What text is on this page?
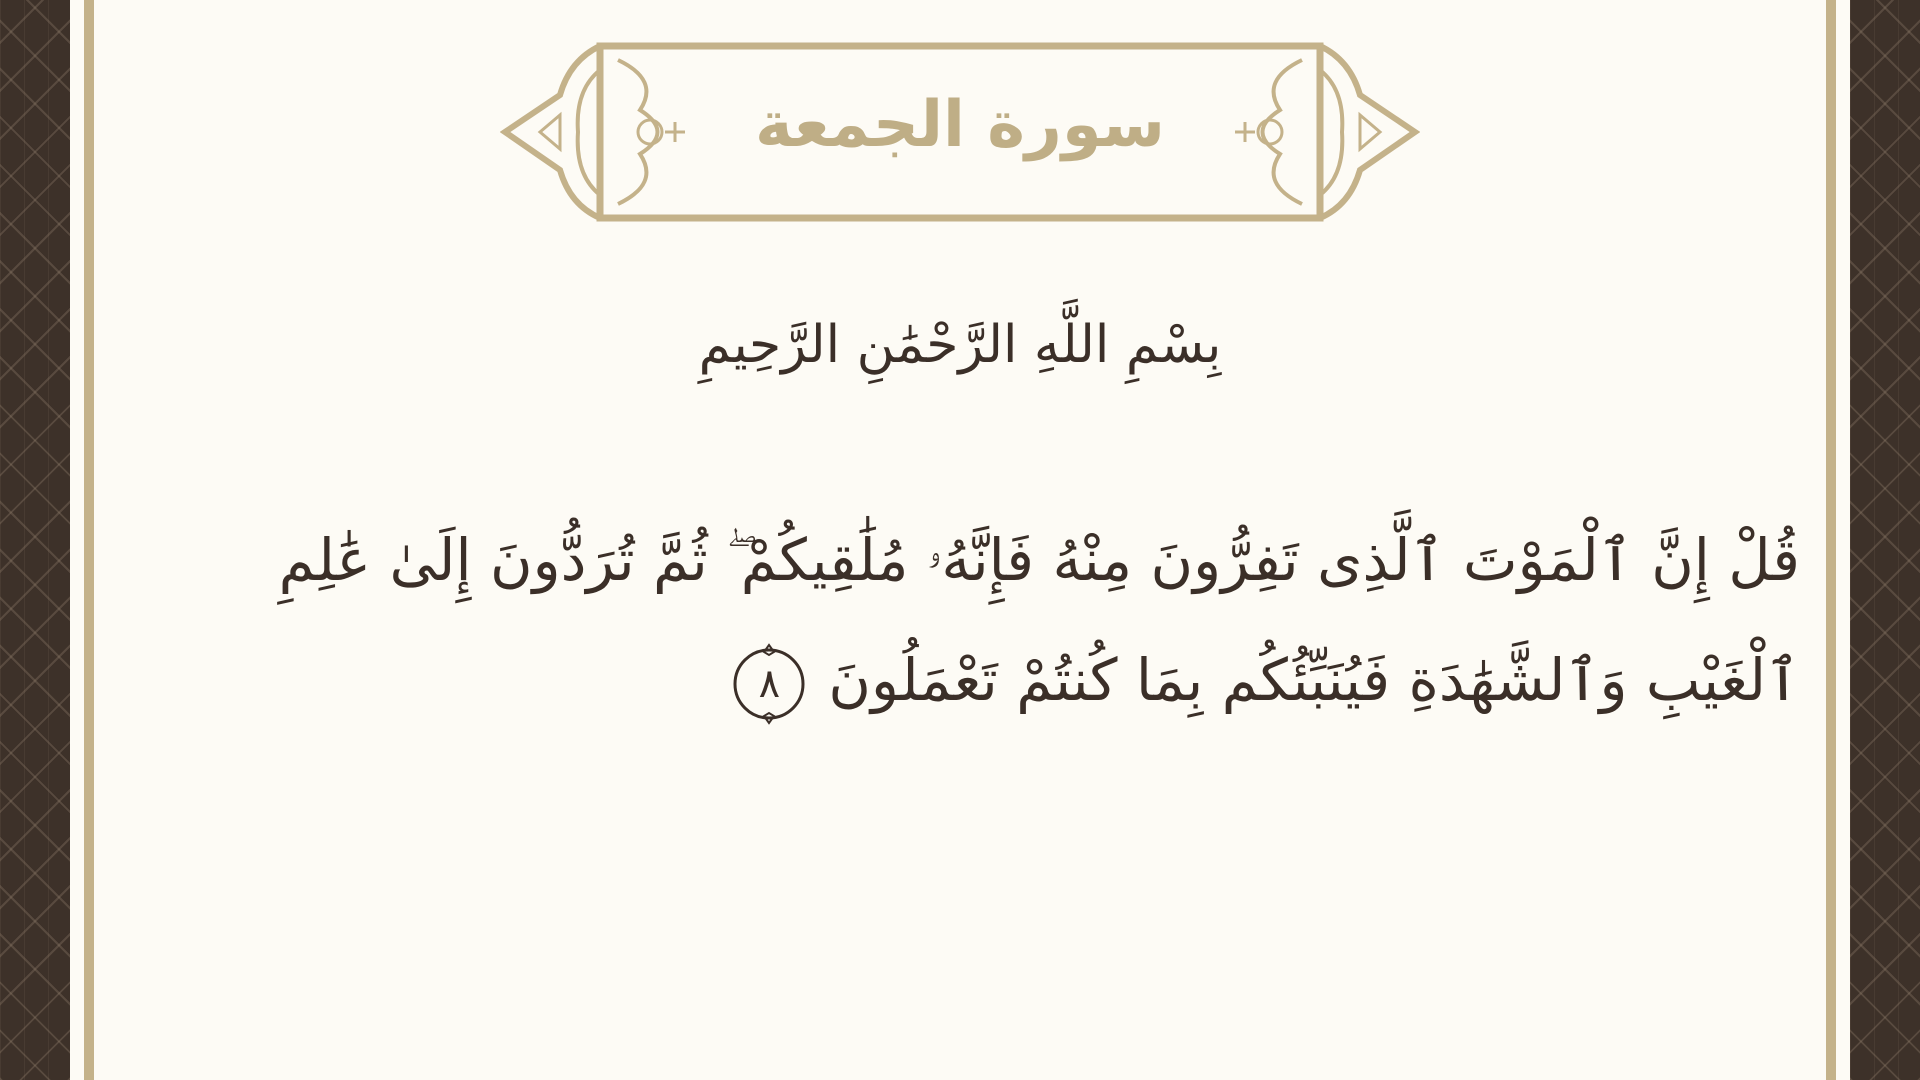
سورة الجمعة
بِسْمِ اللَّهِ الرَّحْمَٰنِ الرَّحِيمِ
قُلْ إِنَّ ٱلْمَوْتَ ٱلَّذِى تَفِرُّونَ مِنْهُ فَإِنَّهُۥ مُلَٰقِيكُمْ ۖ ثُمَّ تُرَدُّونَ إِلَىٰ عَٰلِمِ ٱلْغَيْبِ وَٱلشَّهَٰدَةِ فَيُنَبِّئُكُم بِمَا كُنتُمْ تَعْمَلُونَ
٨
